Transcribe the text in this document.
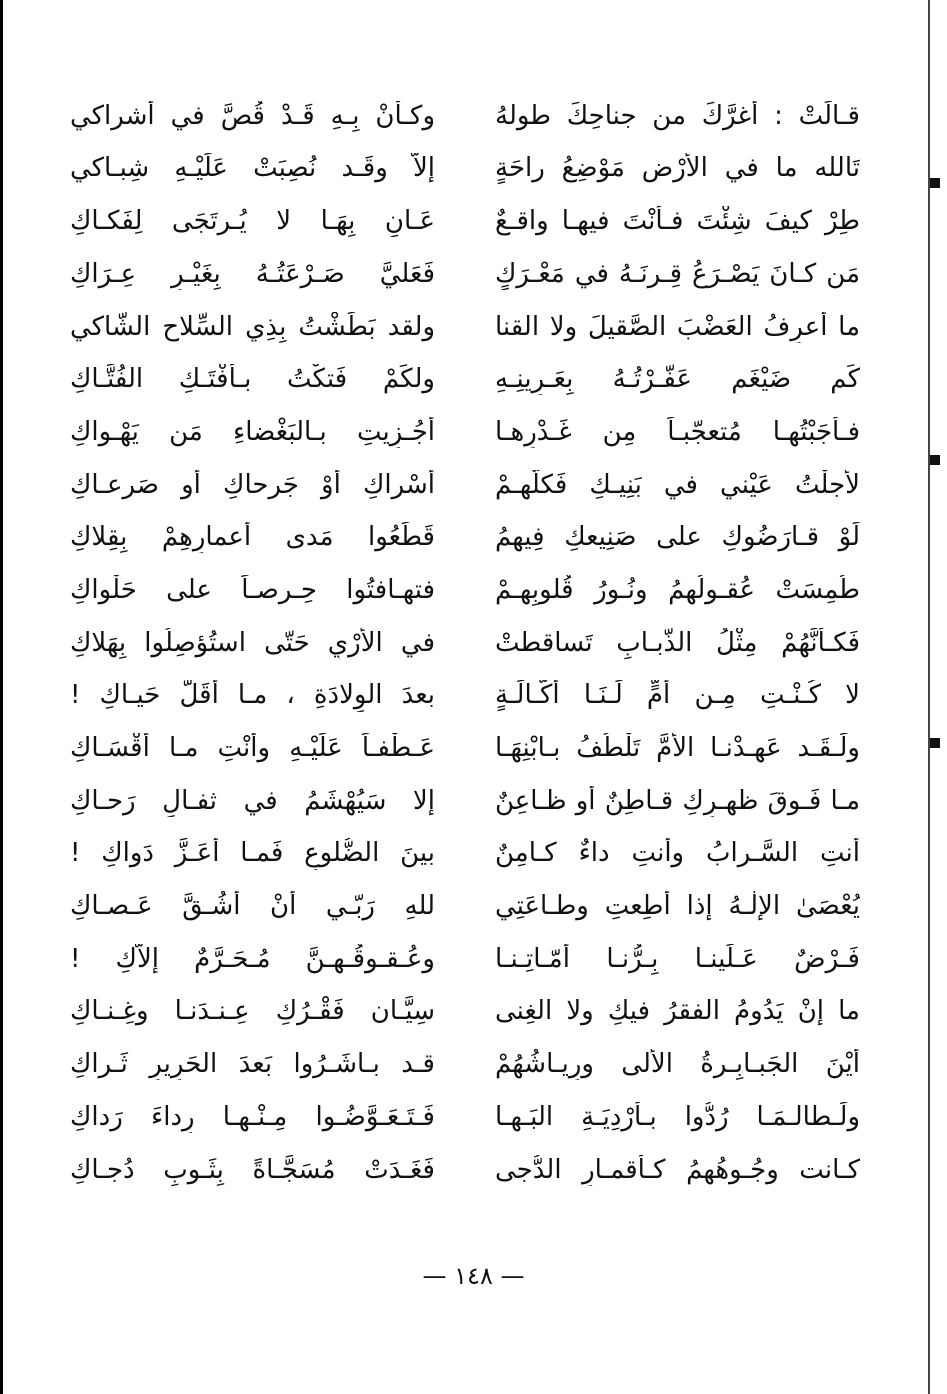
قـالَتْ : أغرَّكَ من جناحِكَ طولهُ
وكـأنْ بِـهِ قَـدْ قُصَّ في أشراكي
تَالله ما في الأرْضِ مَوْضِعُ راحَةٍ
إلاّ وقَـد نُصِبَتْ عَلَيْـهِ شِبـاكي
طِرْ كيفَ شِئْتَ فـأنْتَ فيهـا واقـعٌ
عَـانٍ بِهَـا لا يُـرتَجَى لِفَكـاكِ
مَن كـانَ يَصْـرَعُ قِـرنَـهُ في مَعْـرَكٍ
فَعَليَّ صَـرْعَتُـهُ بِغَيْـرِ عِـرَاكِ
ما أعرِفُ العَضْبَ الصَّقيلَ ولا القنا
ولقد بَطَشْتُ بِذِي السِّلاحِ الشّاكي
كَم ضَيْغَمٍ عَفَّـرْتُـهُ بِعَـرِينِـهِ
ولكَمْ فَتكْتُ بـأفْتَـكِ الفُتَّـاكِ
فـأجَبْتُهـا مُتعجّبـاً مِن غَـدْرِهـا
أجُـزِيتِ بـالبَغْضاءِ مَن يَهْـواكِ
لأجلْتُ عَيْني في بَنِيـكِ فَكلُّهـمْ
أسْراكِ أوْ جَرحاكِ أو صَرعـاكِ
لَوْ قـارَضُوكِ على صَنِيعكِ فِيهِمُ
قَطَعُوا مَدى أعمارِهِمْ بِقِلاكِ
طُمِسَتْ عُقـولُهمُ ونُـورُ قُلوبِهِـمْ
فتهـافتُوا حِـرصـاً على حَلْواكِ
فَكـأنَّهُمْ مِثْلُ الذُّبـابِ تَساقطتْ
في الأرْيِ حَتّى استُؤصِلُوا بِهَلاكِ
لا كُـنْـتِ مِـن أمٍّ لَـنَـا أكّـالَـةٍ
بعدَ الوِلادَةِ ، مـا أقَلَّ حَيـاكِ !
ولَـقَـد عَهِـدْنـا الأمَّ تَلْطُفُ بـابْنِهَـا
عَـطْفـاً عَلَيْـهِ وأنْتِ مـا أقْسَـاكِ
مـا فَـوقَ ظهـرِكِ قـاطِنٌ أو ظـاعِنٌ
إلا سَيُهْشَمُ في ثفـالِ رَحـاكِ
أنتِ السَّـرابُ وأنتِ داءٌ كـامِنٌ
بينَ الضُّلوعِ فَمـا أعَـزَّ دَواكِ !
يُعْصَىٰ الإلٰـهُ إذا أُطِعتِ وطـاعَتِي
للهِ رَبّـي أنْ أشُـقَّ عَـصـاكِ
فَـرْضٌ عَـلَينـا بِـرُّنـا أمّـاتِـنـا
وعُـقـوقُـهـنَّ مُـحَـرَّمٌ إلاّكِ !
ما إنْ يَدُومُ الفقرُ فيكِ ولا الغِنى
سِيَّـان فَقْـرُكِ عِـنـدَنـا وغِـنـاكِ
أيْنَ الجَبـابِـرةُ الأُلى ورِيـاشُهُمْ
قـد بـاشَـرُوا بَعدَ الحَرِيرِ ثَـراكِ
ولَـطالـمَـا رُدُّوا بـأرْدِيَـةِ البَـهـا
فَـتَـعَـوَّضُـوا مِـنْـهـا رِداءَ رَداكِ
كـانت وجُـوهُهمُ كـأقمـارِ الدُّجى
فَغَـدَتْ مُسَجَّـاةً بِثَـوبِ دُجـاكِ
— ١٤٨ —
